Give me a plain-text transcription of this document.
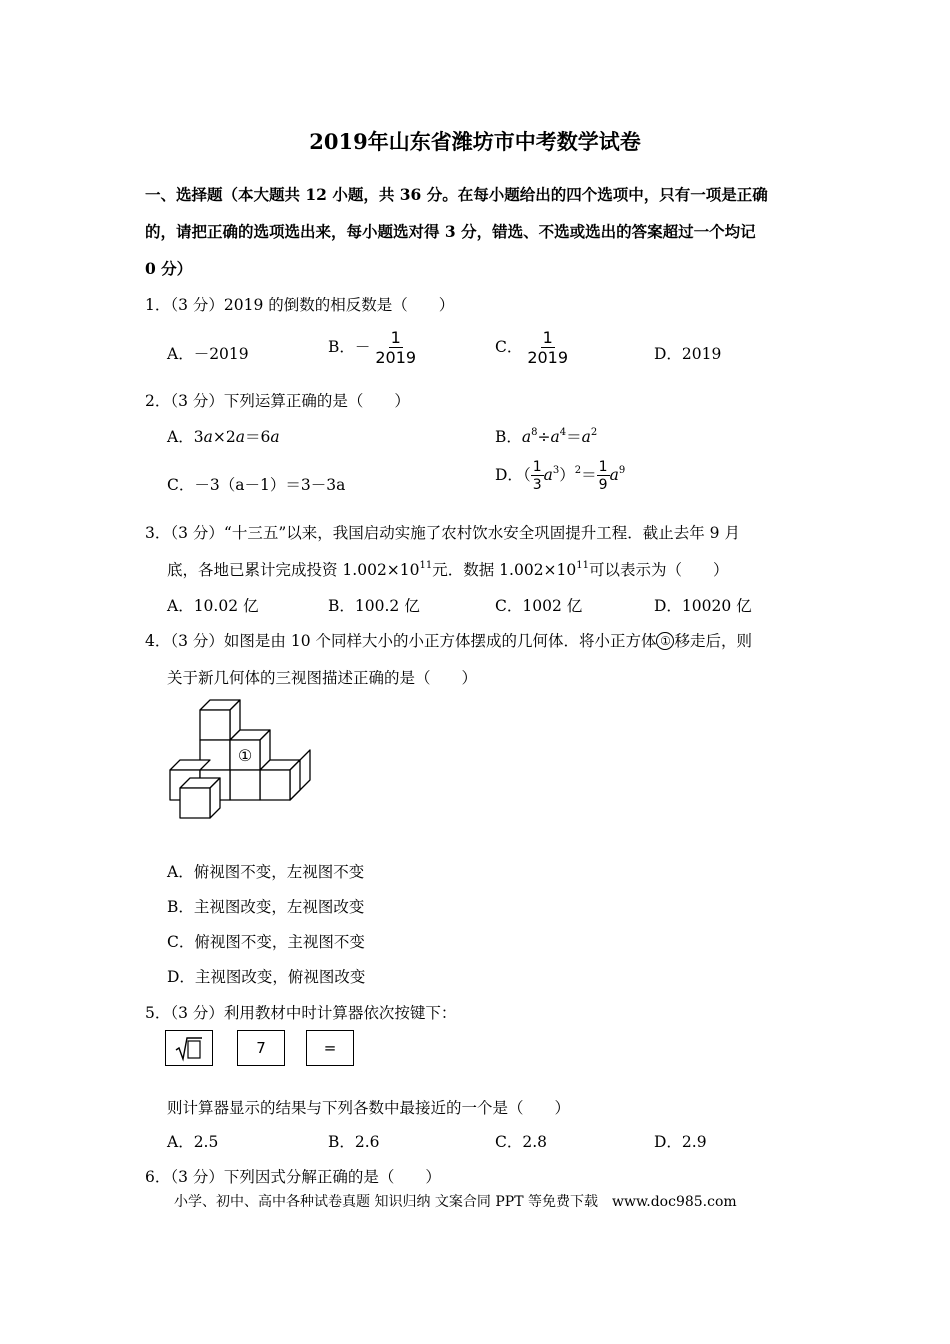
2019年山东省潍坊市中考数学试卷
一、选择题（本大题共 12 小题，共 36 分。在每小题给出的四个选项中，只有一项是正确
的，请把正确的选项选出来，每小题选对得 3 分，错选、不选或选出的答案超过一个均记
0 分）
1．（3 分）2019 的倒数的相反数是（　　）
A．－2019	B．－ $\frac{1}{2019}$	C． $\frac{1}{2019}$	D．2019
2．（3 分）下列运算正确的是（　　）
A．3a×2a＝6a	B．$a^8\div a^4=a^2$
C．－3（a－1）＝3－3a
D．（ $\frac{1}{3} a^3)^2= \frac{1}{9} a^9$
3．（3 分）“十三五”以来，我国启动实施了农村饮水安全巩固提升工程．截止去年 9 月
底，各地已累计完成投资 $1.002\times 10^{11}$元．数据 $1.002\times 10^{11}$可以表示为（　　）
A．10.02 亿	B．100.2 亿	C．1002 亿	D．10020 亿
4．（3 分）如图是由 10 个同样大小的小正方体摆成的几何体．将小正方体 ① 移走后，则
关于新几何体的三视图描述正确的是（　　）
①
A．俯视图不变，左视图不变
B．主视图改变，左视图改变
C．俯视图不变，主视图不变
D．主视图改变，俯视图改变
5．（3 分）利用教材中时计算器依次按键下：
7	=
则计算器显示的结果与下列各数中最接近的一个是（　　）
A．2.5	B．2.6	C．2.8	D．2.9
6．（3 分）下列因式分解正确的是（　　）
小学、初中、高中各种试卷真题 知识归纳 文案合同 PPT 等免费下载　www.doc985.com
